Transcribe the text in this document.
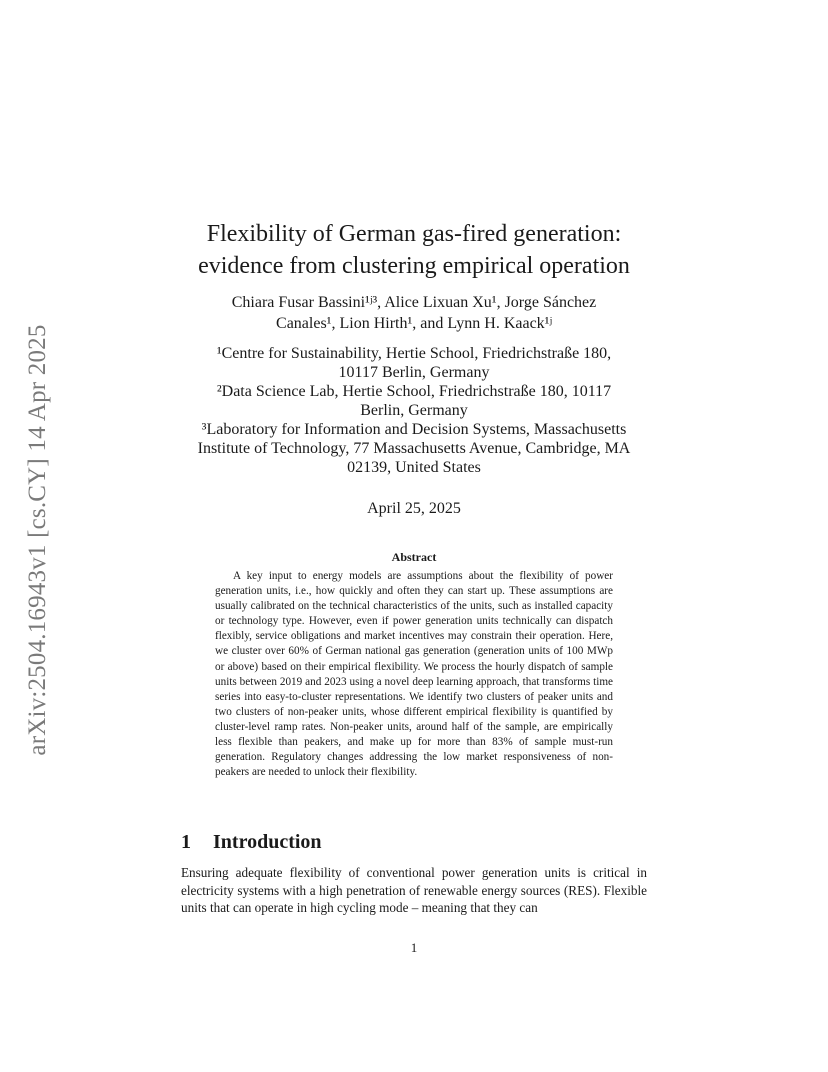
arXiv:2504.16943v1 [cs.CY] 14 Apr 2025
Flexibility of German gas-fired generation:
evidence from clustering empirical operation
Chiara Fusar Bassini¹ʲ³, Alice Lixuan Xu¹, Jorge Sánchez
Canales¹, Lion Hirth¹, and Lynn H. Kaack¹ʲ
¹Centre for Sustainability, Hertie School, Friedrichstraße 180,
10117 Berlin, Germany
²Data Science Lab, Hertie School, Friedrichstraße 180, 10117
Berlin, Germany
³Laboratory for Information and Decision Systems, Massachusetts
Institute of Technology, 77 Massachusetts Avenue, Cambridge, MA
02139, United States
April 25, 2025
Abstract
A key input to energy models are assumptions about the flexibility of power generation units, i.e., how quickly and often they can start up. These assumptions are usually calibrated on the technical characteristics of the units, such as installed capacity or technology type. However, even if power generation units technically can dispatch flexibly, service obligations and market incentives may constrain their operation. Here, we cluster over 60% of German national gas generation (generation units of 100 MWp or above) based on their empirical flexibility. We process the hourly dispatch of sample units between 2019 and 2023 using a novel deep learning approach, that transforms time series into easy-to-cluster representations. We identify two clusters of peaker units and two clusters of non-peaker units, whose different empirical flexibility is quantified by cluster-level ramp rates. Non-peaker units, around half of the sample, are empirically less flexible than peakers, and make up for more than 83% of sample must-run generation. Regulatory changes addressing the low market responsiveness of non-peakers are needed to unlock their flexibility.
1 Introduction
Ensuring adequate flexibility of conventional power generation units is critical in electricity systems with a high penetration of renewable energy sources (RES). Flexible units that can operate in high cycling mode – meaning that they can
1
